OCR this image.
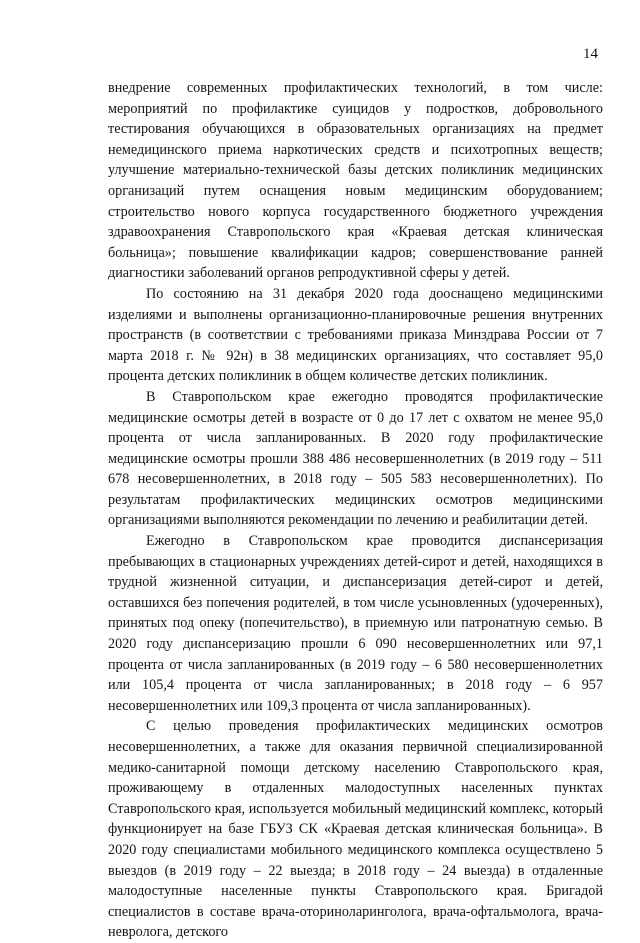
14

внедрение современных профилактических технологий, в том числе: мероприятий по профилактике суицидов у подростков, добровольного тестирования обучающихся в образовательных организациях на предмет немедицинского приема наркотических средств и психотропных веществ; улучшение материально-технической базы детских поликлиник медицинских организаций путем оснащения новым медицинским оборудованием; строительство нового корпуса государственного бюджетного учреждения здравоохранения Ставропольского края «Краевая детская клиническая больница»; повышение квалификации кадров; совершенствование ранней диагностики заболеваний органов репродуктивной сферы у детей.

По состоянию на 31 декабря 2020 года дооснащено медицинскими изделиями и выполнены организационно-планировочные решения внутренних пространств (в соответствии с требованиями приказа Минздрава России от 7 марта 2018 г. № 92н) в 38 медицинских организациях, что составляет 95,0 процента детских поликлиник в общем количестве детских поликлиник.

В Ставропольском крае ежегодно проводятся профилактические медицинские осмотры детей в возрасте от 0 до 17 лет с охватом не менее 95,0 процента от числа запланированных. В 2020 году профилактические медицинские осмотры прошли 388 486 несовершеннолетних (в 2019 году – 511 678 несовершеннолетних, в 2018 году – 505 583 несовершеннолетних). По результатам профилактических медицинских осмотров медицинскими организациями выполняются рекомендации по лечению и реабилитации детей.

Ежегодно в Ставропольском крае проводится диспансеризация пребывающих в стационарных учреждениях детей-сирот и детей, находящихся в трудной жизненной ситуации, и диспансеризация детей-сирот и детей, оставшихся без попечения родителей, в том числе усыновленных (удочеренных), принятых под опеку (попечительство), в приемную или патронатную семью. В 2020 году диспансеризацию прошли 6 090 несовершеннолетних или 97,1 процента от числа запланированных (в 2019 году – 6 580 несовершеннолетних или 105,4 процента от числа запланированных; в 2018 году – 6 957 несовершеннолетних или 109,3 процента от числа запланированных).

С целью проведения профилактических медицинских осмотров несовершеннолетних, а также для оказания первичной специализированной медико-санитарной помощи детскому населению Ставропольского края, проживающему в отдаленных малодоступных населенных пунктах Ставропольского края, используется мобильный медицинский комплекс, который функционирует на базе ГБУЗ СК «Краевая детская клиническая больница». В 2020 году специалистами мобильного медицинского комплекса осуществлено 5 выездов (в 2019 году – 22 выезда; в 2018 году – 24 выезда) в отдаленные малодоступные населенные пункты Ставропольского края. Бригадой специалистов в составе врача-оториноларинголога, врача-офтальмолога, врача-невролога, детского
